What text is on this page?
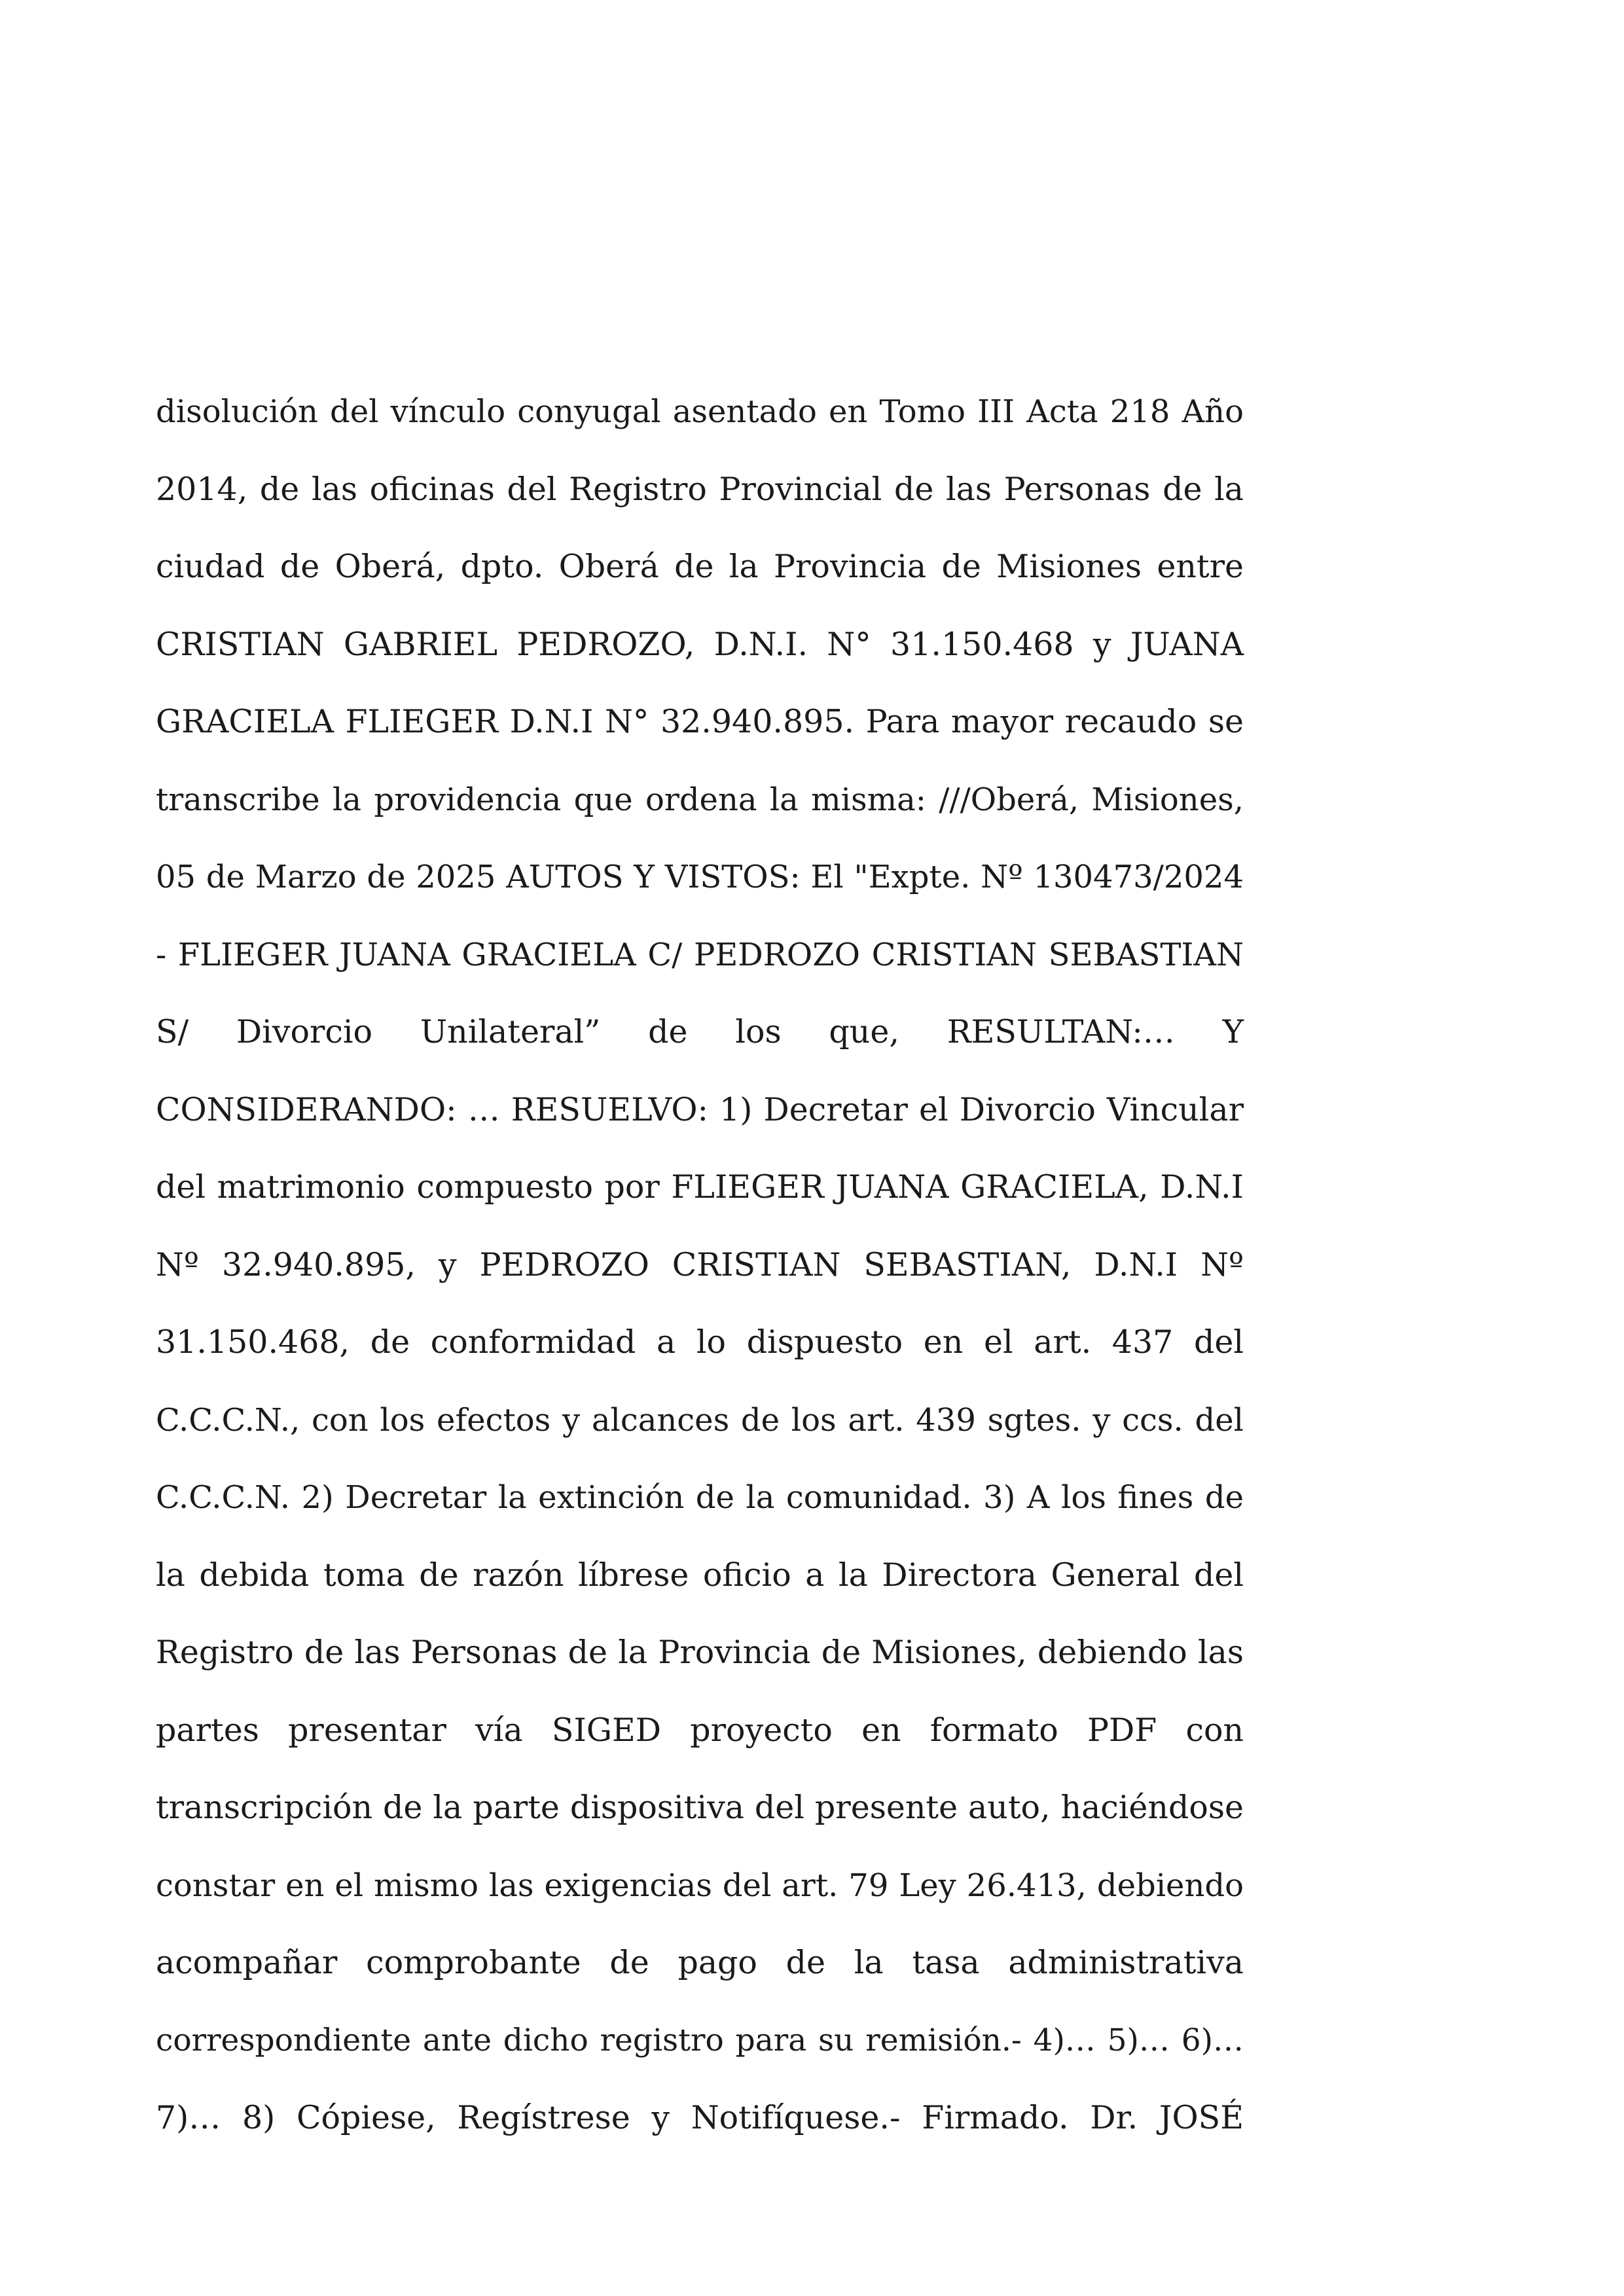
disolución del vínculo conyugal asentado en Tomo III Acta 218 Año
2014, de las oficinas del Registro Provincial de las Personas de la
ciudad de Oberá, dpto. Oberá de la Provincia de Misiones entre
CRISTIAN GABRIEL PEDROZO, D.N.I. N° 31.150.468 y JUANA
GRACIELA FLIEGER D.N.I N° 32.940.895. Para mayor recaudo se
transcribe la providencia que ordena la misma: ///Oberá, Misiones,
05 de Marzo de 2025 AUTOS Y VISTOS: El "Expte. Nº 130473/2024
- FLIEGER JUANA GRACIELA C/ PEDROZO CRISTIAN SEBASTIAN
S/ Divorcio Unilateral” de los que, RESULTAN:… Y
CONSIDERANDO: … RESUELVO: 1) Decretar el Divorcio Vincular
del matrimonio compuesto por FLIEGER JUANA GRACIELA, D.N.I
Nº 32.940.895, y PEDROZO CRISTIAN SEBASTIAN, D.N.I Nº
31.150.468, de conformidad a lo dispuesto en el art. 437 del
C.C.C.N., con los efectos y alcances de los art. 439 sgtes. y ccs. del
C.C.C.N. 2) Decretar la extinción de la comunidad. 3) A los fines de
la debida toma de razón líbrese oficio a la Directora General del
Registro de las Personas de la Provincia de Misiones, debiendo las
partes presentar vía SIGED proyecto en formato PDF con
transcripción de la parte dispositiva del presente auto, haciéndose
constar en el mismo las exigencias del art. 79 Ley 26.413, debiendo
acompañar comprobante de pago de la tasa administrativa
correspondiente ante dicho registro para su remisión.- 4)… 5)… 6)…
7)… 8) Cópiese, Regístrese y Notifíquese.- Firmado. Dr. JOSÉ
